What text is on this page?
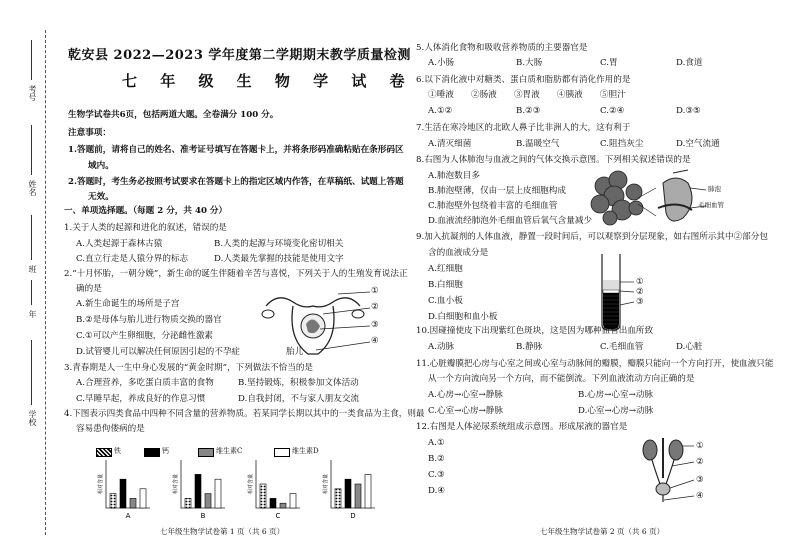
考号
姓名
班
年
学校
乾安县 2022—2023 学年度第二学期期末教学质量检测
七 年 级 生 物 学 试 卷
生物学试卷共6页，包括两道大题。全卷满分 100 分。
注意事项：
1.答题前，请将自己的姓名、准考证号填写在答题卡上，并将条形码准确粘贴在条形码区
域内。
2.答题时，考生务必按照考试要求在答题卡上的指定区域内作答，在草稿纸、试题上答题
无效。
一、单项选择题。（每题 2 分，共 40 分）
1.关于人类的起源和进化的叙述，错误的是
A.人类起源于森林古猿	B.人类的起源与环境变化密切相关
C.直立行走是人猿分界的标志	D.人类最先掌握的技能是使用文字
2.“十月怀胎，一朝分娩”，新生命的诞生伴随着辛苦与喜悦，下列关于人的生殖发育说法正
确的是
A.新生命诞生的场所是子宫
B.②是母体与胎儿进行物质交换的器官
C.①可以产生卵细胞，分泌雌性激素
D.试管婴儿可以解决任何原因引起的不孕症
①
②
③
④
胎儿
3.青春期是人一生中身心发展的“黄金时期”，下列做法不恰当的是
A.合理营养，多吃蛋白质丰富的食物	B.坚持锻炼，积极参加文体活动
C.早睡早起，养成良好的作息习惯	D.自我封闭，不与家人朋友交流
4.下图表示四类食品中四种不同含量的营养物质。若某同学长期以其中的一类食品为主食，则最
容易患佝偻病的是
铁	钙	维生素C	维生素D
相对含量
A
相对含量
B
相对含量
C
相对含量
D
七年级生物学试卷第 1 页（共 6 页）
5.人体消化食物和吸收营养物质的主要器官是
A.小肠	B.大肠	C.胃	D.食道
6.以下消化液中对糖类、蛋白质和脂肪都有消化作用的是
①唾液　　②肠液　　③胃液　　④胰液　　⑤胆汁
A.①②	B.②③	C.②④	D.③⑤
7.生活在寒冷地区的北欧人鼻子比非洲人的大，这有利于
A.清灭细菌	B.温暖空气	C.阻挡灰尘	D.空气流通
8.右图为人体肺泡与血液之间的气体交换示意图。下列相关叙述错误的是
A.肺泡数目多
B.肺泡壁薄，仅由一层上皮细胞构成
C.肺泡壁外包绕着丰富的毛细血管
D.血液流经肺泡外毛细血管后氧气含量减少
肺泡
毛细血管
9.加入抗凝剂的人体血液，静置一段时间后，可以观察到分层现象，如右图所示其中②部分包
含的血液成分是
A.红细胞
B.白细胞
C.血小板
D.白细胞和血小板
①
②
③
10.因碰撞使皮下出现紫红色斑块，这是因为哪种血管出血所致
A.动脉	B.静脉	C.毛细血管	D.心脏
11.心脏瓣膜把心房与心室之间或心室与动脉间的瓣膜，瓣膜只能向一个方向打开，使血液只能
从一个方向流向另一个方向，而不能倒流。下列血液流动方向正确的是
A.心房→心室→静脉	B.心房→心室→动脉
C.心室→心房→静脉	D.心室→心房→动脉
12.右图是人体泌尿系统组成示意图。形成尿液的器官是
A.①
B.②
C.③
D.④
①
②
③
④
七年级生物学试卷第 2 页（共 6 页）
